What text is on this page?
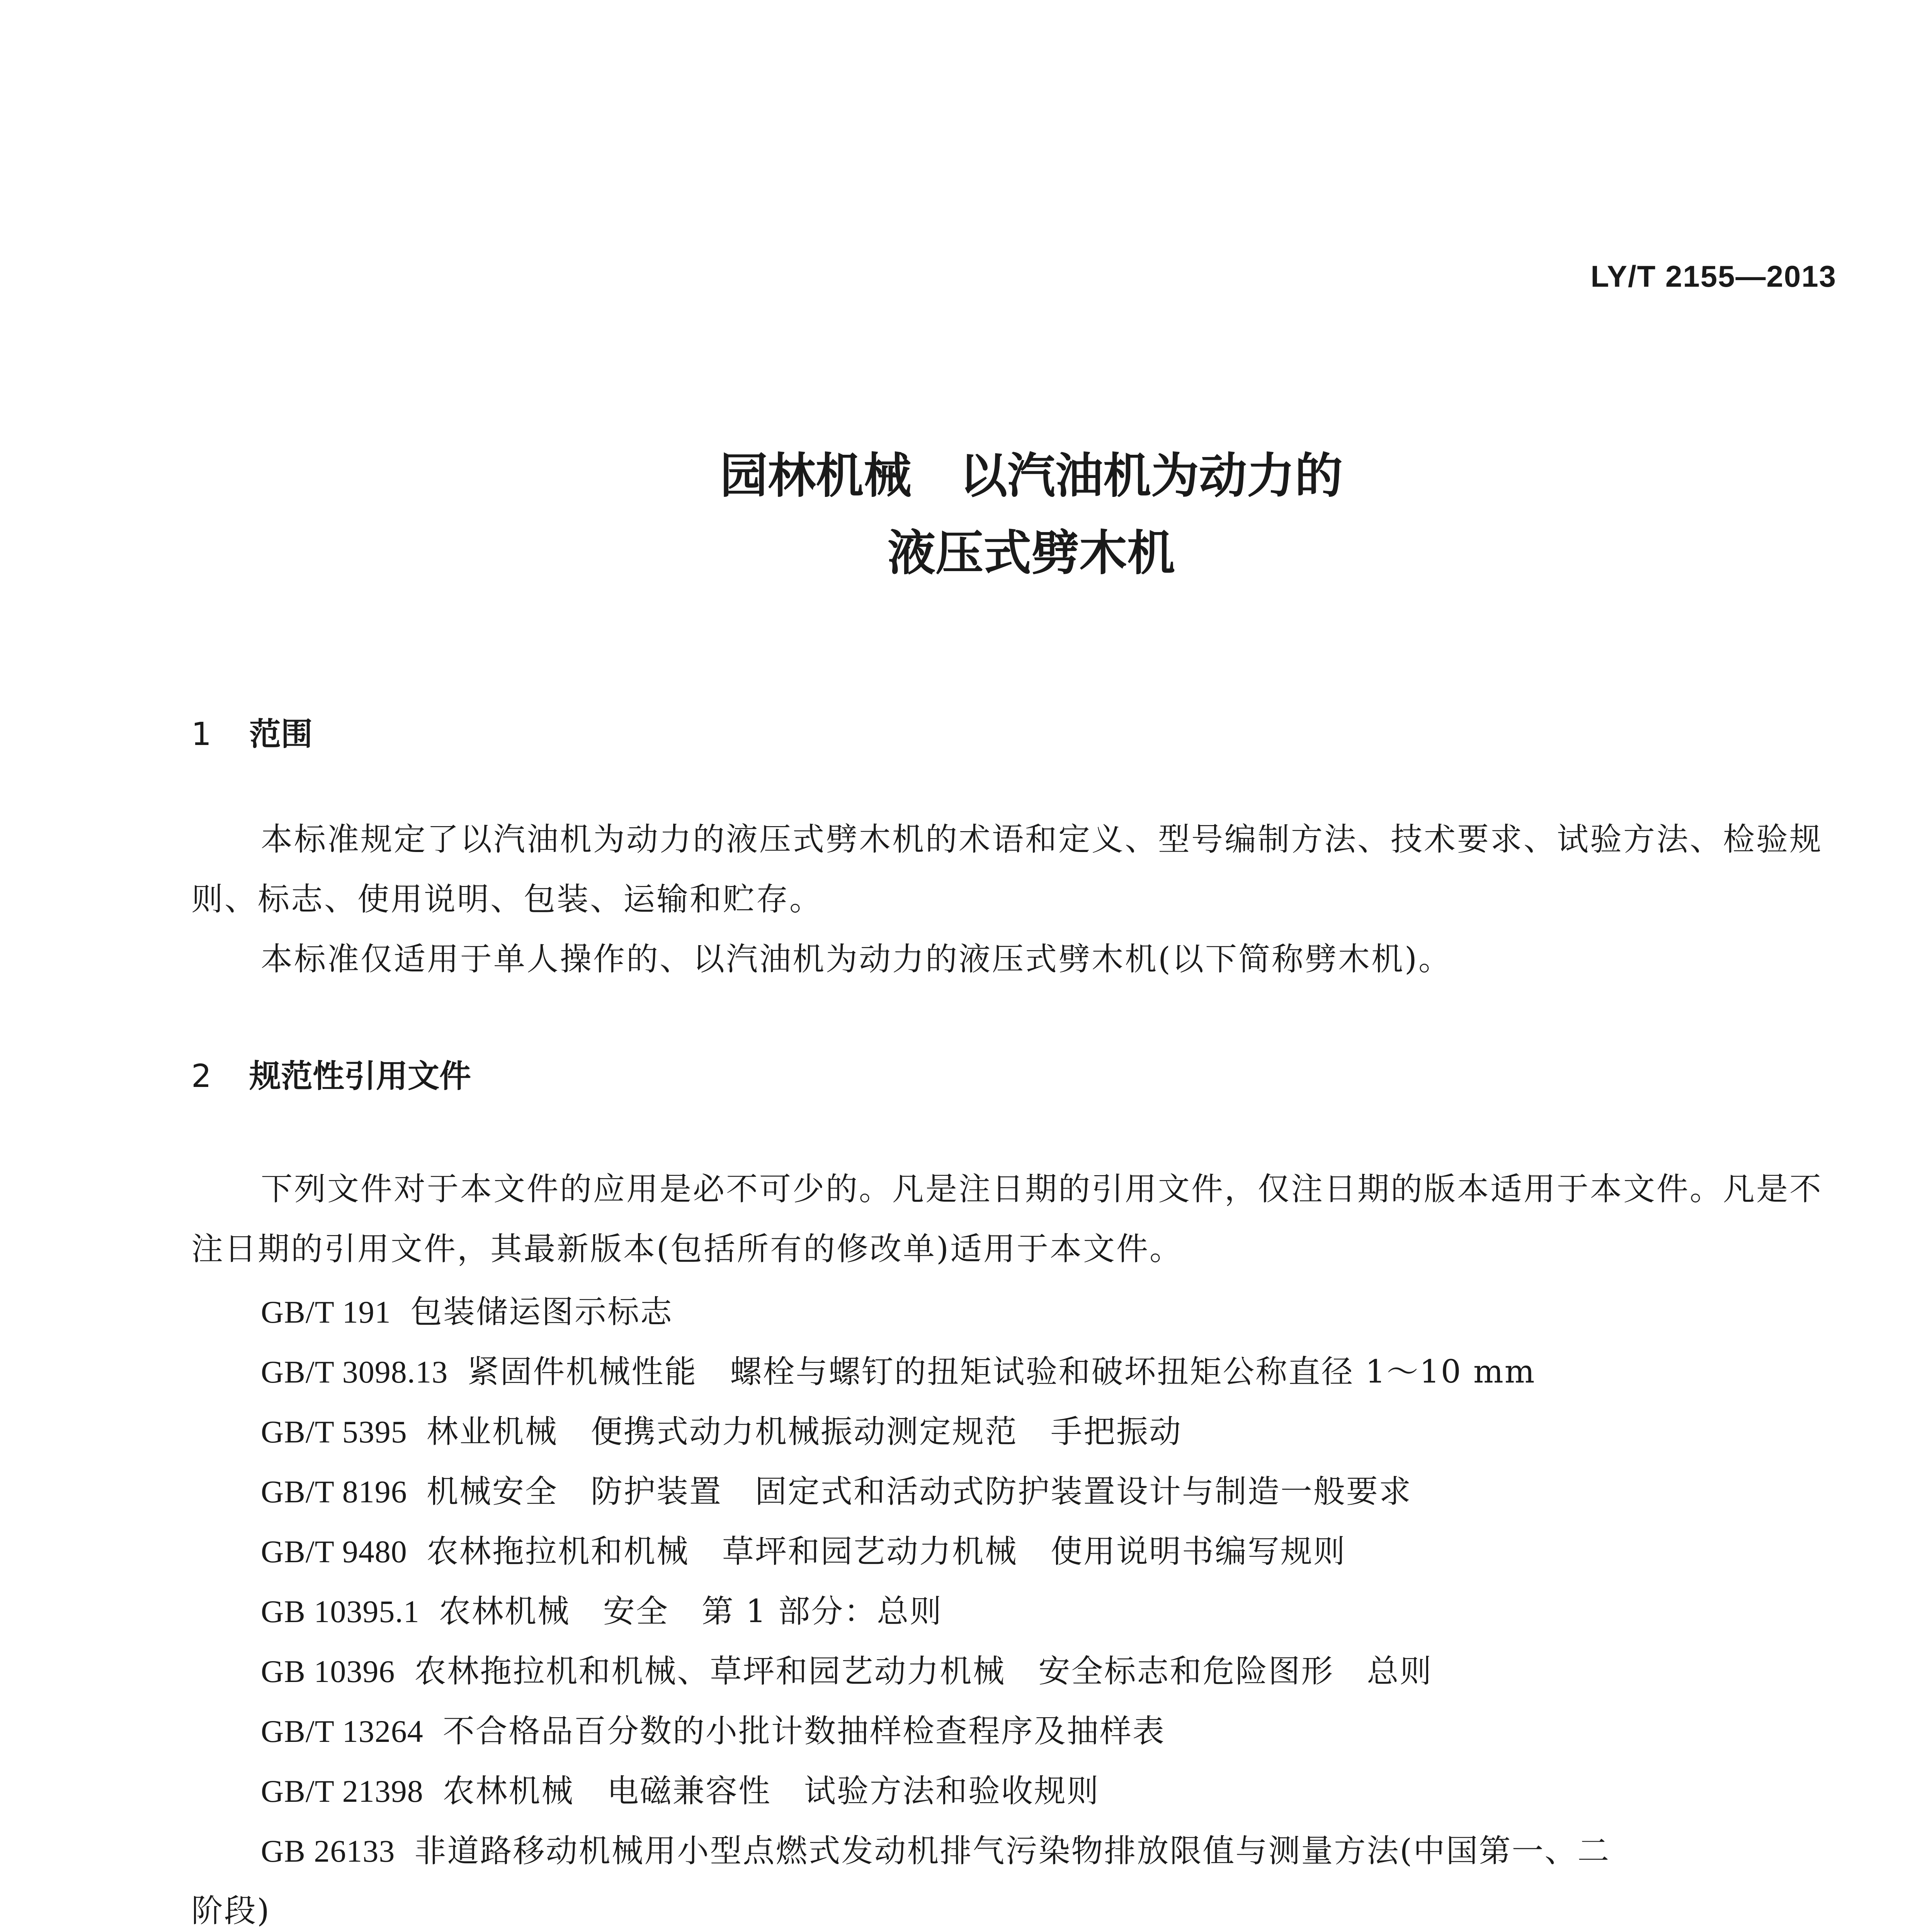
LY/T 2155—2013
园林机械　以汽油机为动力的
液压式劈木机
1 范围

本标准规定了以汽油机为动力的液压式劈木机的术语和定义、型号编制方法、技术要求、试验方法、检验规则、标志、使用说明、包装、运输和贮存。

本标准仅适用于单人操作的、以汽油机为动力的液压式劈木机(以下简称劈木机)。

2 规范性引用文件

下列文件对于本文件的应用是必不可少的。凡是注日期的引用文件，仅注日期的版本适用于本文件。凡是不注日期的引用文件，其最新版本(包括所有的修改单)适用于本文件。

GB/T 191 包装储运图示标志
GB/T 3098.13 紧固件机械性能　螺栓与螺钉的扭矩试验和破坏扭矩公称直径 1～10 mm
GB/T 5395 林业机械　便携式动力机械振动测定规范　手把振动
GB/T 8196 机械安全　防护装置　固定式和活动式防护装置设计与制造一般要求
GB/T 9480 农林拖拉机和机械　草坪和园艺动力机械　使用说明书编写规则
GB 10395.1 农林机械　安全　第 1 部分：总则
GB 10396 农林拖拉机和机械、草坪和园艺动力机械　安全标志和危险图形　总则
GB/T 13264 不合格品百分数的小批计数抽样检查程序及抽样表
GB/T 21398 农林机械　电磁兼容性　试验方法和验收规则
GB 26133 非道路移动机械用小型点燃式发动机排气污染物排放限值与测量方法(中国第一、二
阶段)
